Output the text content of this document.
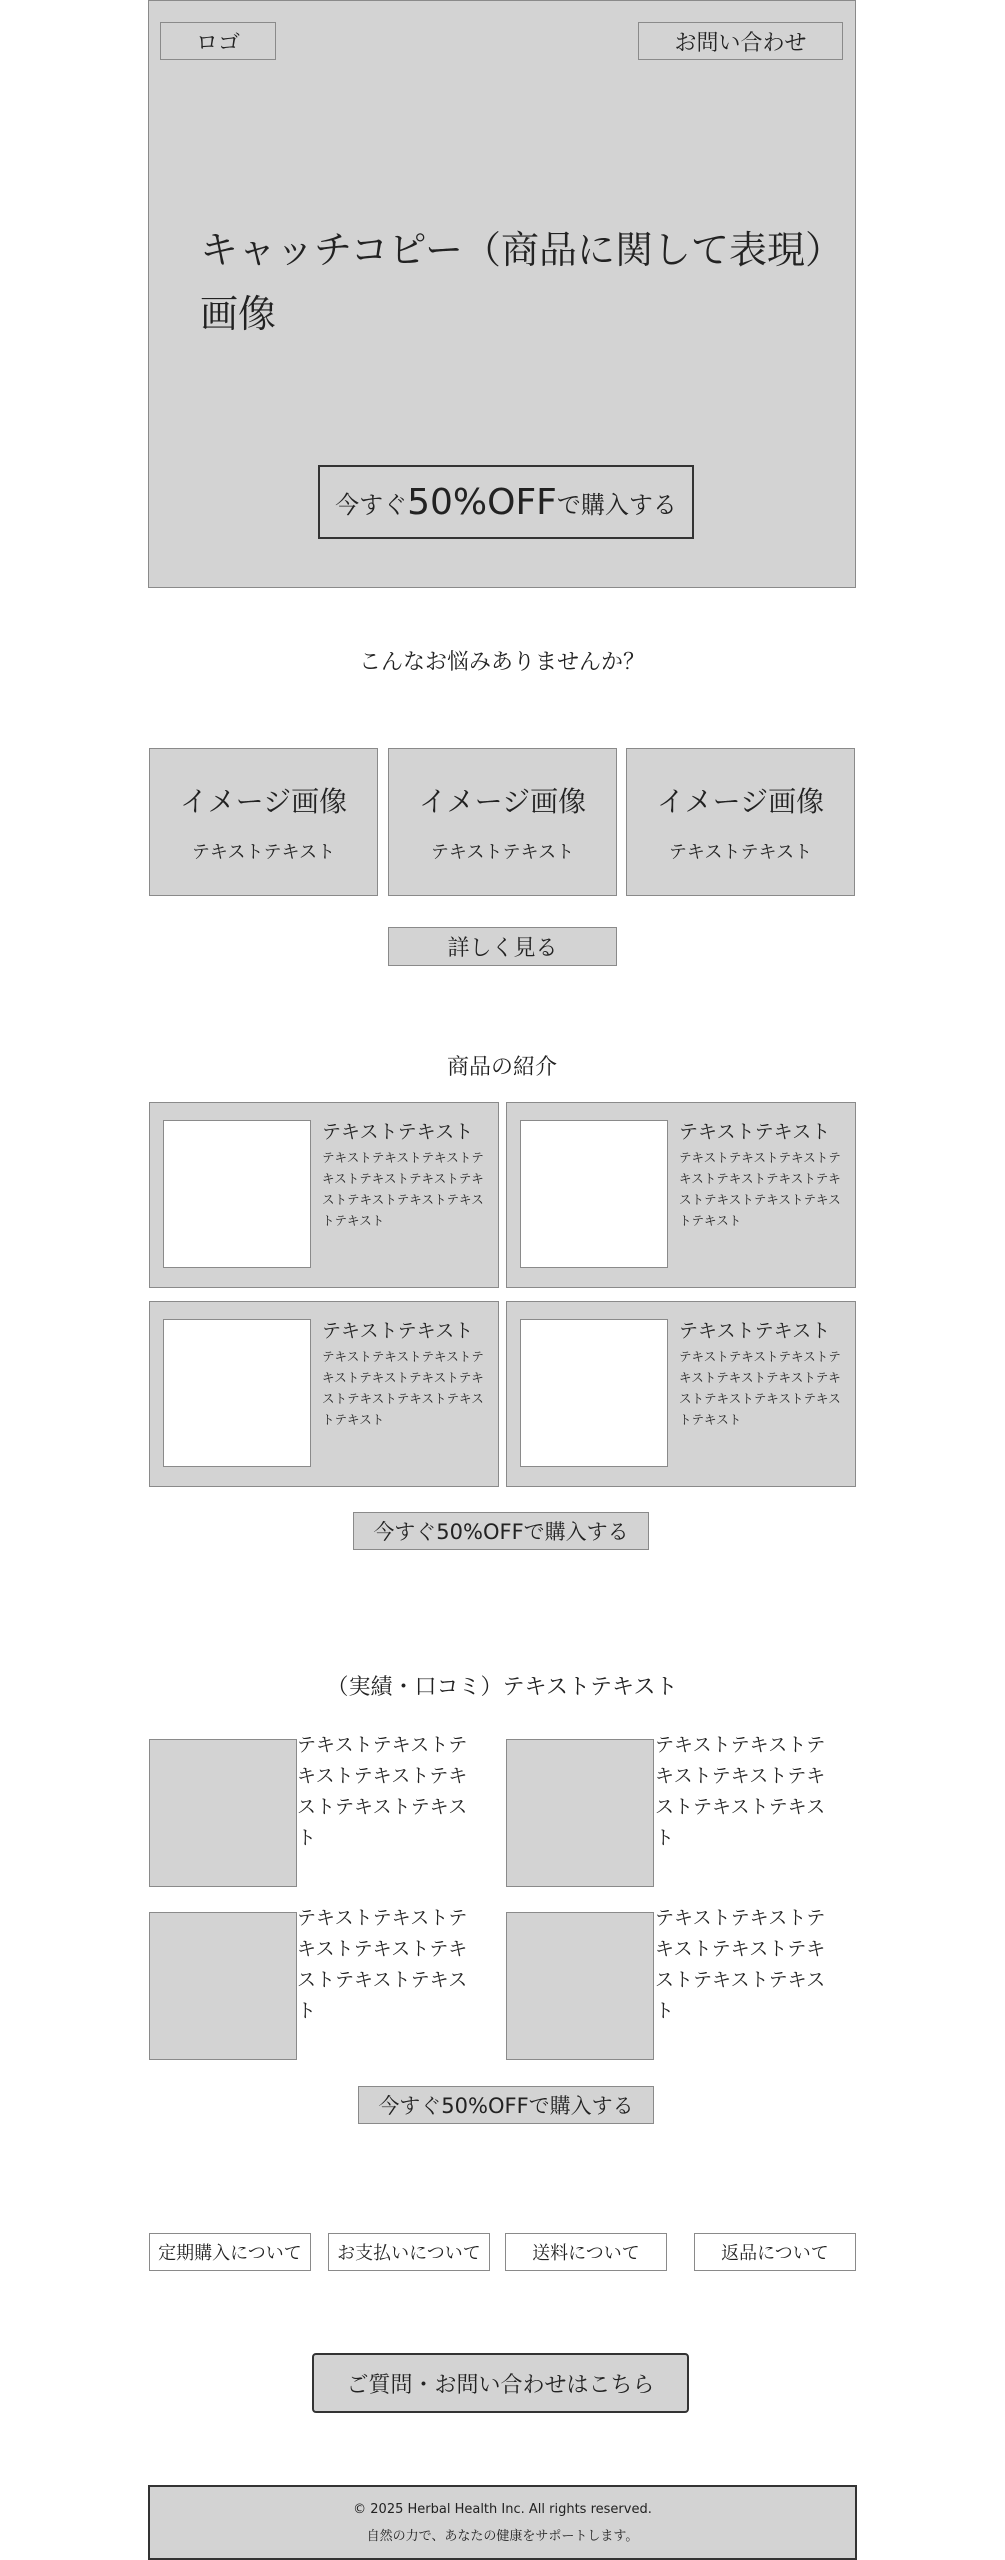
ロゴ	お問い合わせ
キャッチコピー（商品に関して表現）
画像
今すぐ 50%OFF で購入する
こんなお悩みありませんか？
イメージ画像
テキストテキスト
イメージ画像
テキストテキスト
イメージ画像
テキストテキスト
詳しく見る
商品の紹介
テキストテキスト
テキストテキストテキストテキストテキストテキストテキストテキストテキストテキストテキスト
テキストテキスト
テキストテキストテキストテキストテキストテキストテキストテキストテキストテキストテキスト
テキストテキスト
テキストテキストテキストテキストテキストテキストテキストテキストテキストテキストテキスト
テキストテキスト
テキストテキストテキストテキストテキストテキストテキストテキストテキストテキストテキスト
今すぐ50%OFFで購入する
（実績・口コミ）テキストテキスト
テキストテキストテキストテキストテキストテキストテキスト
テキストテキストテキストテキストテキストテキストテキスト
テキストテキストテキストテキストテキストテキストテキスト
テキストテキストテキストテキストテキストテキストテキスト
今すぐ50%OFFで購入する
定期購入について お支払いについて	送料について	返品について
ご質問・お問い合わせはこちら
© 2025 Herbal Health Inc. All rights reserved.
自然の力で、あなたの健康をサポートします。
